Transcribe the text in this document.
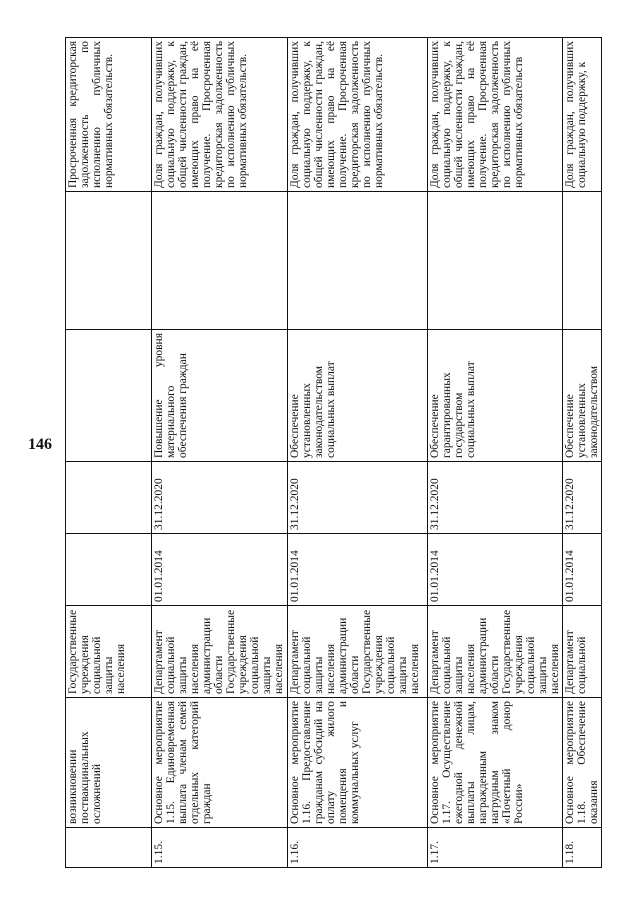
146
	возникновении поствакцинальных осложнений	Государственные учреждения социальной защиты населения					Просроченная кредиторская задолженность по исполнению публичных нормативных обязательств.
1.15.	Основное мероприятие 1.15. Единовременная выплата членам семей отдельных категорий граждан	Департамент социальной защиты населения администрации области Государственные учреждения социальной защиты населения	01.01.2014	31.12.2020	Повышение уровня материального обеспечения граждан		Доля граждан, получивших социальную поддержку, к общей численности граждан, имеющих право на её получение. Просроченная кредиторская задолженность по исполнению публичных нормативных обязательств.
1.16.	Основное мероприятие 1.16. Предоставление гражданам субсидий на оплату жилого помещения и коммунальных услуг	Департамент социальной защиты населения администрации области Государственные учреждения социальной защиты населения	01.01.2014	31.12.2020	Обеспечение установленных законодательством социальных выплат		Доля граждан, получивших социальную поддержку, к общей численности граждан, имеющих право на её получение. Просроченная кредиторская задолженность по исполнению публичных нормативных обязательств.
1.17.	Основное мероприятие 1.17. Осуществление ежегодной денежной выплаты лицам, награжденным нагрудным знаком «Почетный донор России»	Департамент социальной защиты населения администрации области Государственные учреждения социальной защиты населения	01.01.2014	31.12.2020	Обеспечение гарантированных государством социальных выплат		Доля граждан, получивших социальную поддержку, к общей численности граждан, имеющих право на её получение. Просроченная кредиторская задолженность по исполнению публичных нормативных обязательств
1.18.	Основное мероприятие 1.18. Обеспечение оказания	Департамент социальной	01.01.2014	31.12.2020	Обеспечение установленных законодательством		Доля граждан, получивших социальную поддержку, к
